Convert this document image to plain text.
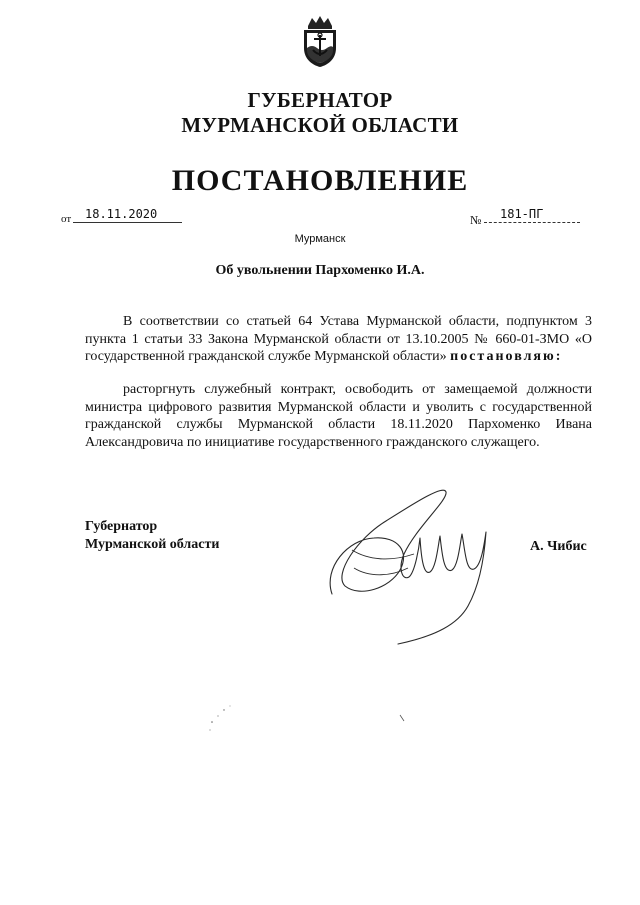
ГУБЕРНАТОР
МУРМАНСКОЙ ОБЛАСТИ
ПОСТАНОВЛЕНИЕ
от	18.11.2020	№	181-ПГ
Мурманск
Об увольнении Пархоменко И.А.
В соответствии со статьей 64 Устава Мурманской области, подпунктом 3 пункта 1 статьи 33 Закона Мурманской области от 13.10.2005 № 660-01-ЗМО «О государственной гражданской службе Мурманской области» постановляю:
расторгнуть служебный контракт, освободить от замещаемой должности министра цифрового развития Мурманской области и уволить с государственной гражданской службы Мурманской области 18.11.2020 Пархоменко Ивана Александровича по инициативе государственного гражданского служащего.
Губернатор
Мурманской области	А. Чибис
